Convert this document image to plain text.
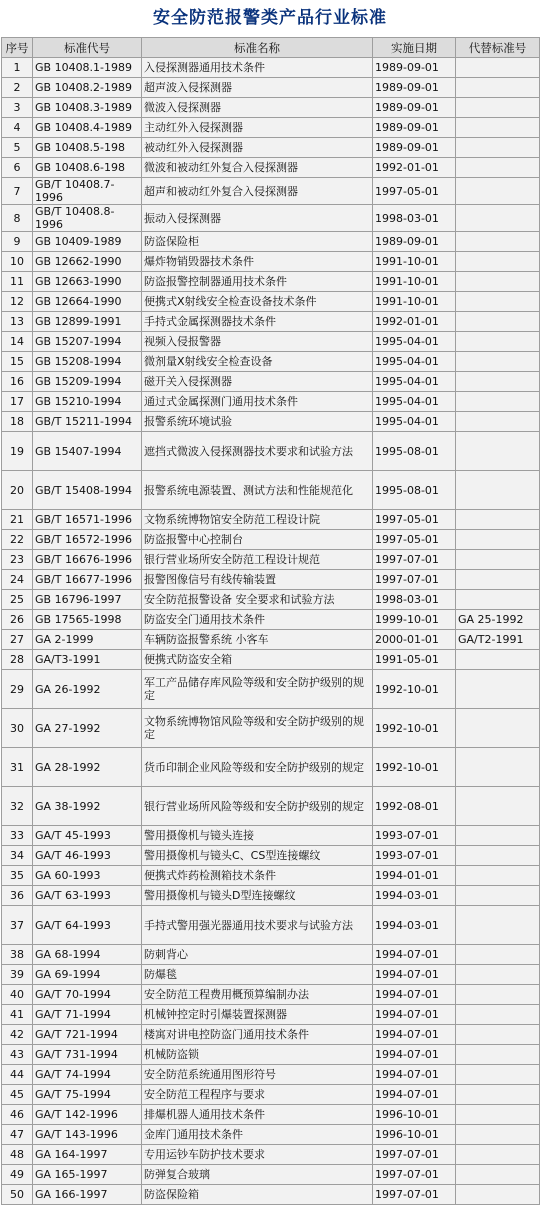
安全防范报警类产品行业标准
序号	标准代号	标准名称	实施日期	代替标准号
1	GB 10408.1-1989	入侵探测器通用技术条件	1989-09-01	
2	GB 10408.2-1989	超声波入侵探测器	1989-09-01	
3	GB 10408.3-1989	微波入侵探测器	1989-09-01	
4	GB 10408.4-1989	主动红外入侵探测器	1989-09-01	
5	GB 10408.5-198	被动红外入侵探测器	1989-09-01	
6	GB 10408.6-198	微波和被动红外复合入侵探测器	1992-01-01	
7	GB/T 10408.7-1996	超声和被动红外复合入侵探测器	1997-05-01	
8	GB/T 10408.8-1996	振动入侵探测器	1998-03-01	
9	GB 10409-1989	防盗保险柜	1989-09-01	
10	GB 12662-1990	爆炸物销毁器技术条件	1991-10-01	
11	GB 12663-1990	防盗报警控制器通用技术条件	1991-10-01	
12	GB 12664-1990	便携式X射线安全检查设备技术条件	1991-10-01	
13	GB 12899-1991	手持式金属探测器技术条件	1992-01-01	
14	GB 15207-1994	视频入侵报警器	1995-04-01	
15	GB 15208-1994	微剂量X射线安全检查设备	1995-04-01	
16	GB 15209-1994	磁开关入侵探测器	1995-04-01	
17	GB 15210-1994	通过式金属探测门通用技术条件	1995-04-01	
18	GB/T 15211-1994	报警系统环境试验	1995-04-01	
19	GB 15407-1994	遮挡式微波入侵探测器技术要求和试验方法	1995-08-01	
20	GB/T 15408-1994	报警系统电源装置、测试方法和性能规范化	1995-08-01	
21	GB/T 16571-1996	文物系统博物馆安全防范工程设计院	1997-05-01	
22	GB/T 16572-1996	防盗报警中心控制台	1997-05-01	
23	GB/T 16676-1996	银行营业场所安全防范工程设计规范	1997-07-01	
24	GB/T 16677-1996	报警图像信号有线传输装置	1997-07-01	
25	GB 16796-1997	安全防范报警设备 安全要求和试验方法	1998-03-01	
26	GB 17565-1998	防盗安全门通用技术条件	1999-10-01	GA 25-1992
27	GA 2-1999	车辆防盗报警系统 小客车	2000-01-01	GA/T2-1991
28	GA/T3-1991	便携式防盗安全箱	1991-05-01	
29	GA 26-1992	军工产品储存库风险等级和安全防护级别的规定	1992-10-01	
30	GA 27-1992	文物系统博物馆风险等级和安全防护级别的规定	1992-10-01	
31	GA 28-1992	货币印制企业风险等级和安全防护级别的规定	1992-10-01	
32	GA 38-1992	银行营业场所风险等级和安全防护级别的规定	1992-08-01	
33	GA/T 45-1993	警用摄像机与镜头连接	1993-07-01	
34	GA/T 46-1993	警用摄像机与镜头C、CS型连接螺纹	1993-07-01	
35	GA 60-1993	便携式炸药检测箱技术条件	1994-01-01	
36	GA/T 63-1993	警用摄像机与镜头D型连接螺纹	1994-03-01	
37	GA/T 64-1993	手持式警用强光器通用技术要求与试验方法	1994-03-01	
38	GA 68-1994	防刺背心	1994-07-01	
39	GA 69-1994	防爆毯	1994-07-01	
40	GA/T 70-1994	安全防范工程费用概预算编制办法	1994-07-01	
41	GA/T 71-1994	机械钟控定时引爆装置探测器	1994-07-01	
42	GA/T 721-1994	楼寓对讲电控防盗门通用技术条件	1994-07-01	
43	GA/T 731-1994	机械防盗锁	1994-07-01	
44	GA/T 74-1994	安全防范系统通用图形符号	1994-07-01	
45	GA/T 75-1994	安全防范工程程序与要求	1994-07-01	
46	GA/T 142-1996	排爆机器人通用技术条件	1996-10-01	
47	GA/T 143-1996	金库门通用技术条件	1996-10-01	
48	GA 164-1997	专用运钞车防护技术要求	1997-07-01	
49	GA 165-1997	防弹复合玻璃	1997-07-01	
50	GA 166-1997	防盗保险箱	1997-07-01	
